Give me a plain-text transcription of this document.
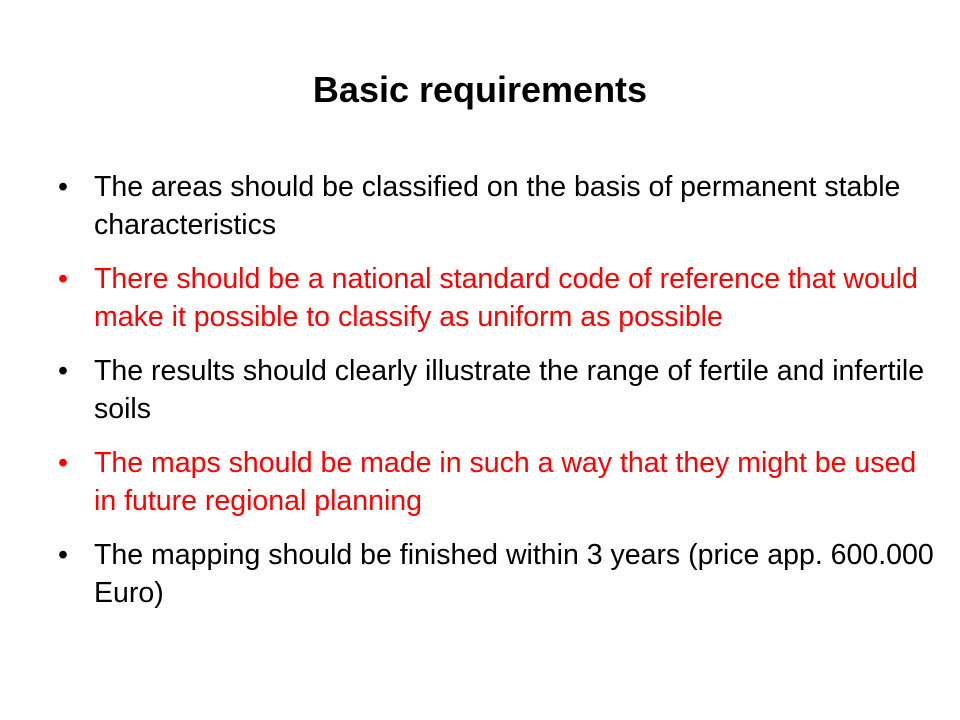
Basic requirements
• The areas should be classified on the basis of permanent stable characteristics
• There should be a national standard code of reference that would make it possible to classify as uniform as possible
• The results should clearly illustrate the range of fertile and infertile soils
• The maps should be made in such a way that they might be used in future regional planning
• The mapping should be finished within 3 years (price app. 600.000 Euro)
